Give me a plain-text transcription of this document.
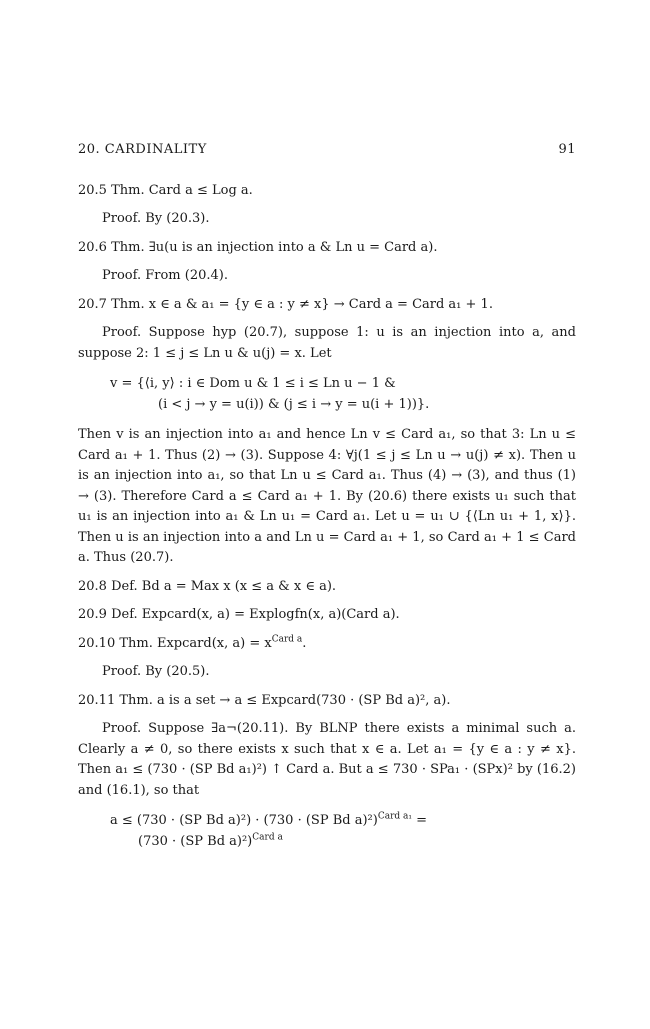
20. CARDINALITY	91

20.5 Thm. Card a ≤ Log a.

Proof. By (20.3).

20.6 Thm. ∃u(u is an injection into a & Ln u = Card a).

Proof. From (20.4).

20.7 Thm. x ∈ a & a₁ = {y ∈ a : y ≠ x} → Card a = Card a₁ + 1.

Proof. Suppose hyp (20.7), suppose 1: u is an injection into a, and suppose 2: 1 ≤ j ≤ Ln u & u(j) = x. Let

v = {⟨i, y⟩ : i ∈ Dom u & 1 ≤ i ≤ Ln u − 1 &
(i < j → y = u(i)) & (j ≤ i → y = u(i + 1))}.

Then v is an injection into a₁ and hence Ln v ≤ Card a₁, so that 3: Ln u ≤ Card a₁ + 1. Thus (2) → (3). Suppose 4: ∀j(1 ≤ j ≤ Ln u → u(j) ≠ x). Then u is an injection into a₁, so that Ln u ≤ Card a₁. Thus (4) → (3), and thus (1) → (3). Therefore Card a ≤ Card a₁ + 1. By (20.6) there exists u₁ such that u₁ is an injection into a₁ & Ln u₁ = Card a₁. Let u = u₁ ∪ {⟨Ln u₁ + 1, x⟩}. Then u is an injection into a and Ln u = Card a₁ + 1, so Card a₁ + 1 ≤ Card a. Thus (20.7).

20.8 Def. Bd a = Max x (x ≤ a & x ∈ a).

20.9 Def. Expcard(x, a) = Explogfn(x, a)(Card a).

20.10 Thm. Expcard(x, $a) = x^{Card a}$.

Proof. By (20.5).

20.11 Thm. a is a set → a ≤ Expcard(730 · (SP Bd a)², a).

Proof. Suppose ∃a¬(20.11). By BLNP there exists a minimal such a. Clearly a ≠ 0, so there exists x such that x ∈ a. Let a₁ = {y ∈ a : y ≠ x}. Then a₁ ≤ (730 · (SP Bd a₁)²) ↑ Card a. But a ≤ 730 · SPa₁ · (SPx)² by (16.2) and (16.1), so that

a ≤ (730 · (SP Bd a)²) · (730 · (SP Bd a)²)$^{Card a_1}$ =
(730 · (SP Bd a)²)$^{Card a}$
